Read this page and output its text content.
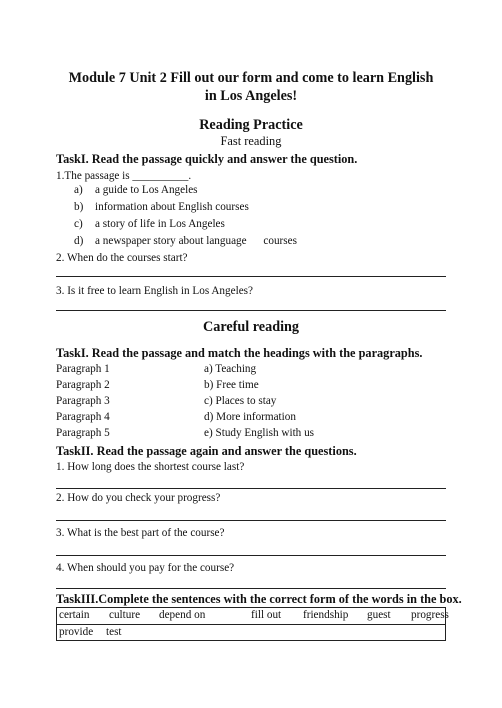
Module 7 Unit 2 Fill out our form and come to learn English
in Los Angeles!
Reading Practice
Fast reading
TaskI. Read the passage quickly and answer the question.
1.The passage is __________.
a) a guide to Los Angeles
b) information about English courses
c) a story of life in Los Angeles
d) a newspaper story about language      courses
2. When do the courses start?
3. Is it free to learn English in Los Angeles?
Careful reading
TaskI. Read the passage and match the headings with the paragraphs.
Paragraph 1
Paragraph 2
Paragraph 3
Paragraph 4
Paragraph 5
a) Teaching
b) Free time
c) Places to stay
d) More information
e) Study English with us
TaskII. Read the passage again and answer the questions.
1. How long does the shortest course last?
2. How do you check your progress?
3. What is the best part of the course?
4. When should you pay for the course?
TaskIII.Complete the sentences with the correct form of the words in the box.
certain culture depend on	fill out friendship guest progress
provide test
